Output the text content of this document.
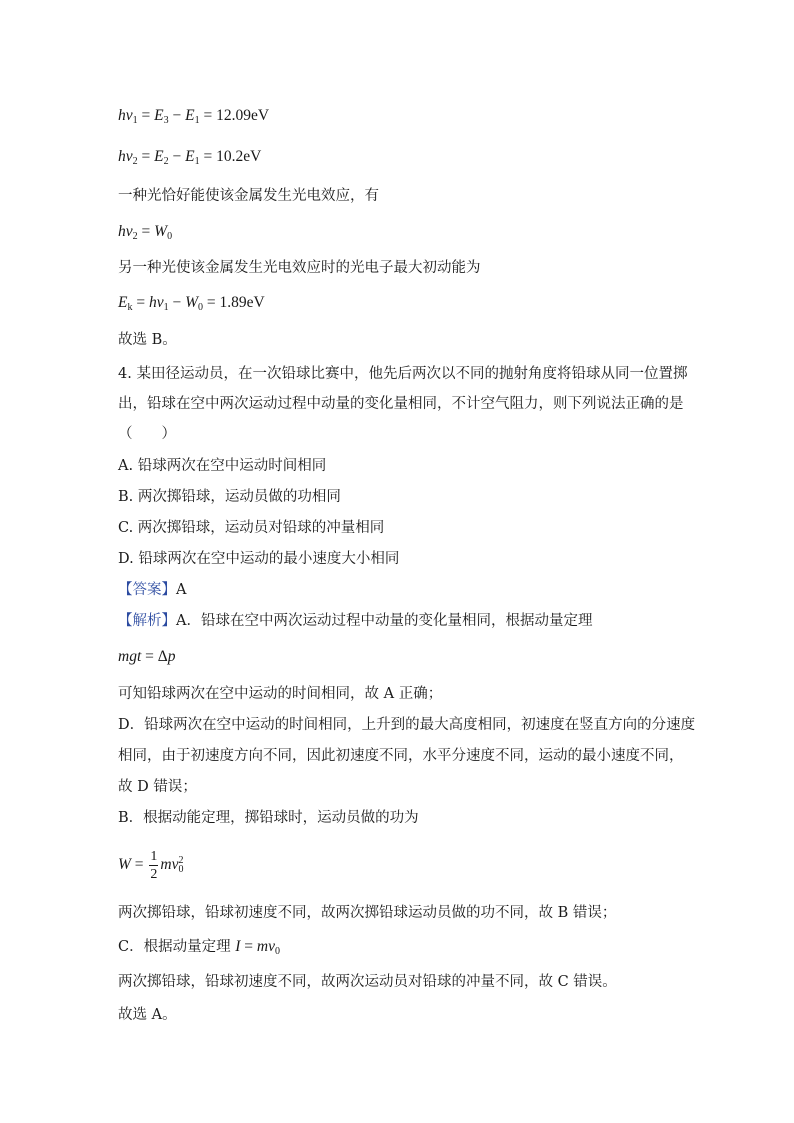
$h\nu_1 = E_3 - E_1 = 12.09eV$
$h\nu_2 = E_2 - E_1 = 10.2eV$
一种光恰好能使该金属发生光电效应，有
$h\nu_2 = W_0$
另一种光使该金属发生光电效应时的光电子最大初动能为
$E_k = h\nu_1 - W_0 = 1.89eV$
故选 B。
4. 某田径运动员，在一次铅球比赛中，他先后两次以不同的抛射角度将铅球从同一位置掷
出，铅球在空中两次运动过程中动量的变化量相同，不计空气阻力，则下列说法正确的是
（　　）
A. 铅球两次在空中运动时间相同
B. 两次掷铅球，运动员做的功相同
C. 两次掷铅球，运动员对铅球的冲量相同
D. 铅球两次在空中运动的最小速度大小相同
【答案】A
【解析】A．铅球在空中两次运动过程中动量的变化量相同，根据动量定理
mgt = Δp
可知铅球两次在空中运动的时间相同，故 A 正确；
D．铅球两次在空中运动的时间相同，上升到的最大高度相同，初速度在竖直方向的分速度
相同，由于初速度方向不同，因此初速度不同，水平分速度不同，运动的最小速度不同，
故 D 错误；
B．根据动能定理，掷铅球时，运动员做的功为
$W = \frac{1}{2} mv_0^2$
两次掷铅球，铅球初速度不同，故两次掷铅球运动员做的功不同，故 B 错误；
C．根据动量定理 $I = mv_0$
两次掷铅球，铅球初速度不同，故两次运动员对铅球的冲量不同，故 C 错误。
故选 A。
